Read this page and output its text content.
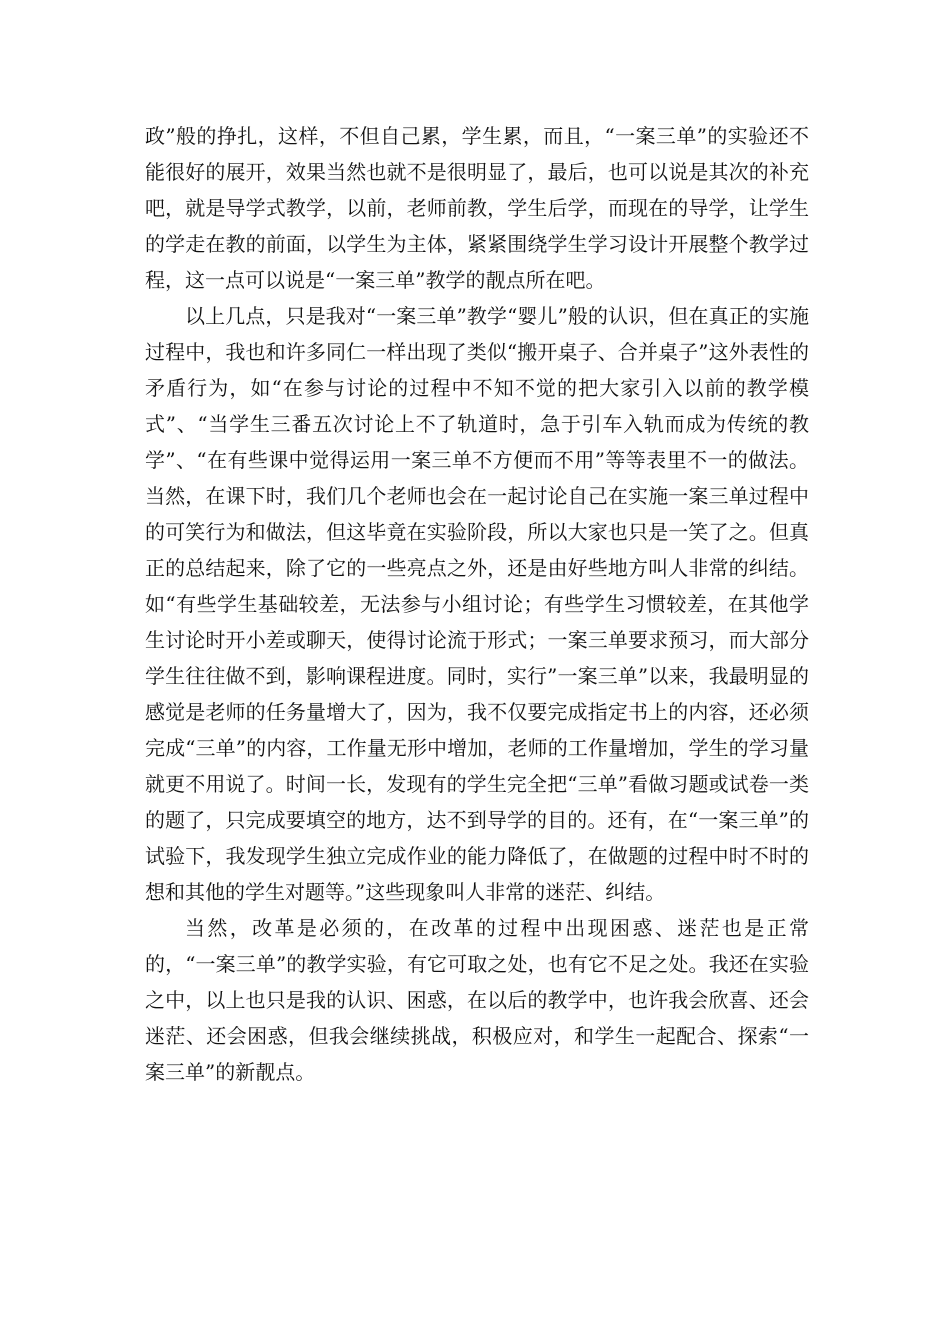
政”般的挣扎，这样，不但自己累，学生累，而且，“一案三单”的实验还不能很好的展开，效果当然也就不是很明显了，最后，也可以说是其次的补充吧，就是导学式教学，以前，老师前教，学生后学，而现在的导学，让学生的学走在教的前面，以学生为主体，紧紧围绕学生学习设计开展整个教学过程，这一点可以说是“一案三单”教学的靓点所在吧。

以上几点，只是我对“一案三单”教学“婴儿”般的认识，但在真正的实施过程中，我也和许多同仁一样出现了类似“搬开桌子、合并桌子”这外表性的矛盾行为，如“在参与讨论的过程中不知不觉的把大家引入以前的教学模式”、“当学生三番五次讨论上不了轨道时，急于引车入轨而成为传统的教学”、“在有些课中觉得运用一案三单不方便而不用”等等表里不一的做法。当然，在课下时，我们几个老师也会在一起讨论自己在实施一案三单过程中的可笑行为和做法，但这毕竟在实验阶段，所以大家也只是一笑了之。但真正的总结起来，除了它的一些亮点之外，还是由好些地方叫人非常的纠结。如“有些学生基础较差，无法参与小组讨论；有些学生习惯较差，在其他学生讨论时开小差或聊天，使得讨论流于形式；一案三单要求预习，而大部分学生往往做不到，影响课程进度。同时，实行”一案三单”以来，我最明显的感觉是老师的任务量增大了，因为，我不仅要完成指定书上的内容，还必须完成“三单”的内容，工作量无形中增加，老师的工作量增加，学生的学习量就更不用说了。时间一长，发现有的学生完全把“三单”看做习题或试卷一类的题了，只完成要填空的地方，达不到导学的目的。还有，在“一案三单”的试验下，我发现学生独立完成作业的能力降低了，在做题的过程中时不时的想和其他的学生对题等。”这些现象叫人非常的迷茫、纠结。

当然，改革是必须的，在改革的过程中出现困惑、迷茫也是正常的，“一案三单”的教学实验，有它可取之处，也有它不足之处。我还在实验之中，以上也只是我的认识、困惑，在以后的教学中，也许我会欣喜、还会迷茫、还会困惑，但我会继续挑战，积极应对，和学生一起配合、探索“一案三单”的新靓点。
